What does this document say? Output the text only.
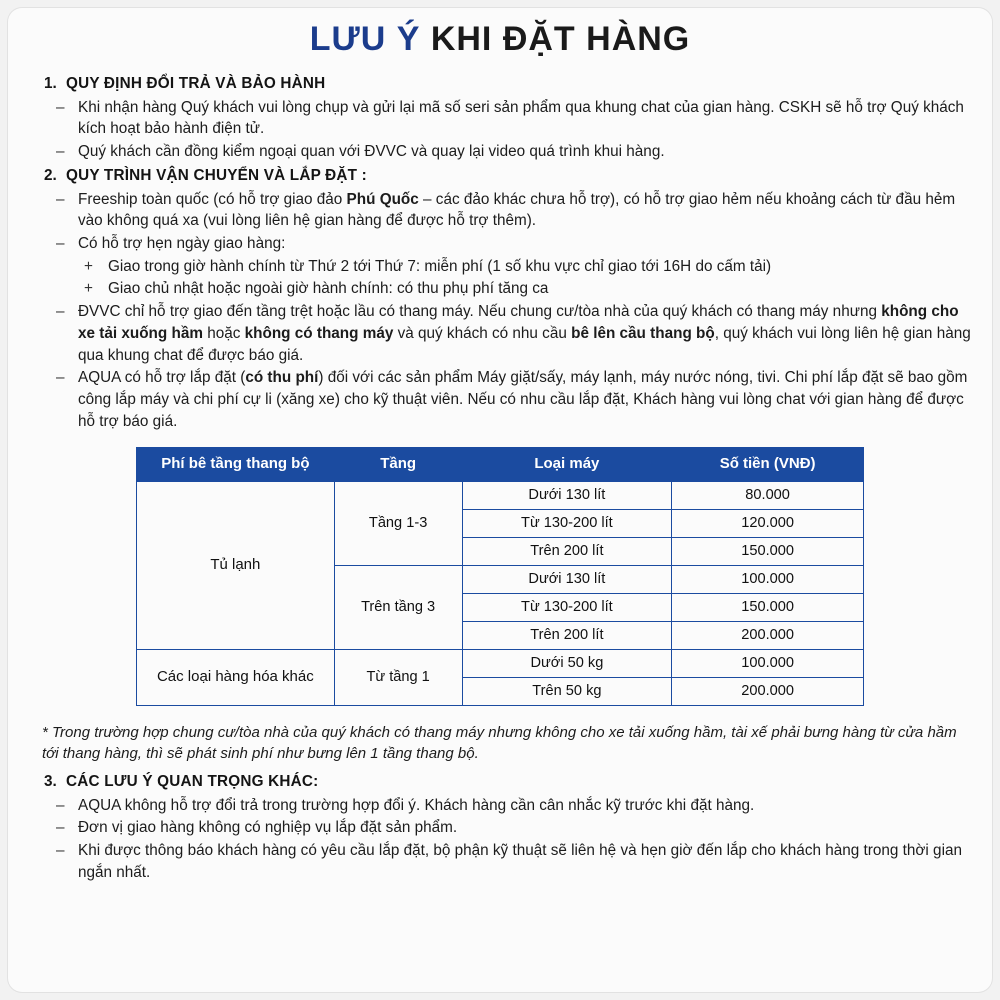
LƯU Ý KHI ĐẶT HÀNG
1. QUY ĐỊNH ĐỔI TRẢ VÀ BẢO HÀNH
– Khi nhận hàng Quý khách vui lòng chụp và gửi lại mã số seri sản phẩm qua khung chat của gian hàng. CSKH sẽ hỗ trợ Quý khách kích hoạt bảo hành điện tử.
– Quý khách cần đồng kiểm ngoại quan với ĐVVC và quay lại video quá trình khui hàng.
2. QUY TRÌNH VẬN CHUYỂN VÀ LẮP ĐẶT :
– Freeship toàn quốc (có hỗ trợ giao đảo Phú Quốc – các đảo khác chưa hỗ trợ), có hỗ trợ giao hẻm nếu khoảng cách từ đầu hẻm vào không quá xa (vui lòng liên hệ gian hàng để được hỗ trợ thêm).
– Có hỗ trợ hẹn ngày giao hàng:
+ Giao trong giờ hành chính từ Thứ 2 tới Thứ 7: miễn phí (1 số khu vực chỉ giao tới 16H do cấm tải)
+ Giao chủ nhật hoặc ngoài giờ hành chính: có thu phụ phí tăng ca
– ĐVVC chỉ hỗ trợ giao đến tầng trệt hoặc lầu có thang máy. Nếu chung cư/tòa nhà của quý khách có thang máy nhưng không cho xe tải xuống hầm hoặc không có thang máy và quý khách có nhu cầu bê lên cầu thang bộ, quý khách vui lòng liên hệ gian hàng qua khung chat để được báo giá.
– AQUA có hỗ trợ lắp đặt (có thu phí) đối với các sản phẩm Máy giặt/sấy, máy lạnh, máy nước nóng, tivi. Chi phí lắp đặt sẽ bao gồm công lắp máy và chi phí cự li (xăng xe) cho kỹ thuật viên. Nếu có nhu cầu lắp đặt, Khách hàng vui lòng chat với gian hàng để được hỗ trợ báo giá.
Phí bê tầng thang bộ	Tầng	Loại máy	Số tiền (VNĐ)
Tủ lạnh	Tầng 1-3	Dưới 130 lít	80.000
		Từ 130-200 lít	120.000
		Trên 200 lít	150.000
	Trên tầng 3	Dưới 130 lít	100.000
		Từ 130-200 lít	150.000
		Trên 200 lít	200.000
Các loại hàng hóa khác	Từ tầng 1	Dưới 50 kg	100.000
		Trên 50 kg	200.000
* Trong trường hợp chung cư/tòa nhà của quý khách có thang máy nhưng không cho xe tải xuống hầm, tài xế phải bưng hàng từ cửa hầm tới thang hàng, thì sẽ phát sinh phí như bưng lên 1 tầng thang bộ.
3. CÁC LƯU Ý QUAN TRỌNG KHÁC:
– AQUA không hỗ trợ đổi trả trong trường hợp đổi ý. Khách hàng cần cân nhắc kỹ trước khi đặt hàng.
– Đơn vị giao hàng không có nghiệp vụ lắp đặt sản phẩm.
– Khi được thông báo khách hàng có yêu cầu lắp đặt, bộ phận kỹ thuật sẽ liên hệ và hẹn giờ đến lắp cho khách hàng trong thời gian ngắn nhất.
